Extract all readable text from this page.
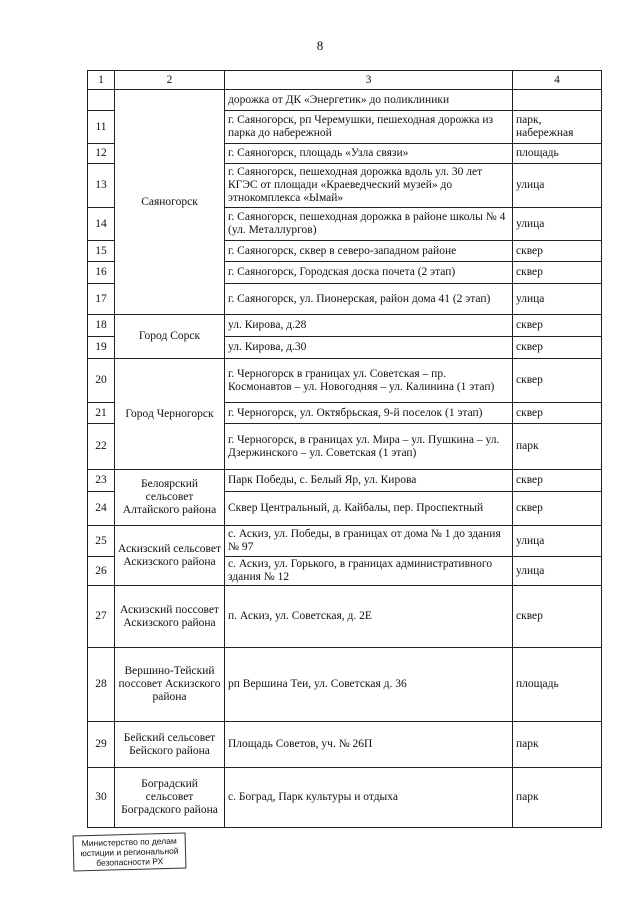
8
1	2	3	4
	Саяногорск	дорожка от ДК «Энергетик» до поликлиники	
11		г. Саяногорск, рп Черемушки, пешеходная дорожка из парка до набережной	парк, набережная
12		г. Саяногорск, площадь «Узла связи»	площадь
13		г. Саяногорск, пешеходная дорожка вдоль ул. 30 лет КГЭС от площади «Краеведческий музей» до этнокомплекса «Ымай»	улица
14		г. Саяногорск, пешеходная дорожка в районе школы № 4 (ул. Металлургов)	улица
15		г. Саяногорск, сквер в северо-западном районе	сквер
16		г. Саяногорск, Городская доска почета (2 этап)	сквер
17		г. Саяногорск, ул. Пионерская, район дома 41 (2 этап)	улица
18	Город Сорск	ул. Кирова, д.28	сквер
19		ул. Кирова, д.30	сквер
20	Город Черногорск	г. Черногорск в границах ул. Советская – пр. Космонавтов – ул. Новогодняя – ул. Калинина (1 этап)	сквер
21		г. Черногорск, ул. Октябрьская, 9-й поселок (1 этап)	сквер
22		г. Черногорск, в границах ул. Мира – ул. Пушкина – ул. Дзержинского – ул. Советская (1 этап)	парк
23	Белоярский сельсовет Алтайского района	Парк Победы, с. Белый Яр, ул. Кирова	сквер
24		Сквер Центральный, д. Кайбалы, пер. Проспектный	сквер
25	Аскизский сельсовет Аскизского района	с. Аскиз, ул. Победы, в границах от дома № 1 до здания № 97	улица
26		с. Аскиз, ул. Горького, в границах административного здания № 12	улица
27	Аскизский поссовет Аскизского района	п. Аскиз, ул. Советская, д. 2Е	сквер
28	Вершино-Тейский поссовет Аскизского района	рп Вершина Теи, ул. Советская д. 36	площадь
29	Бейский сельсовет Бейского района	Площадь Советов, уч. № 26П	парк
30	Боградский сельсовет Боградского района	с. Боград, Парк культуры и отдыха	парк
Министерство по делам
юстиции и региональной
безопасности РХ
